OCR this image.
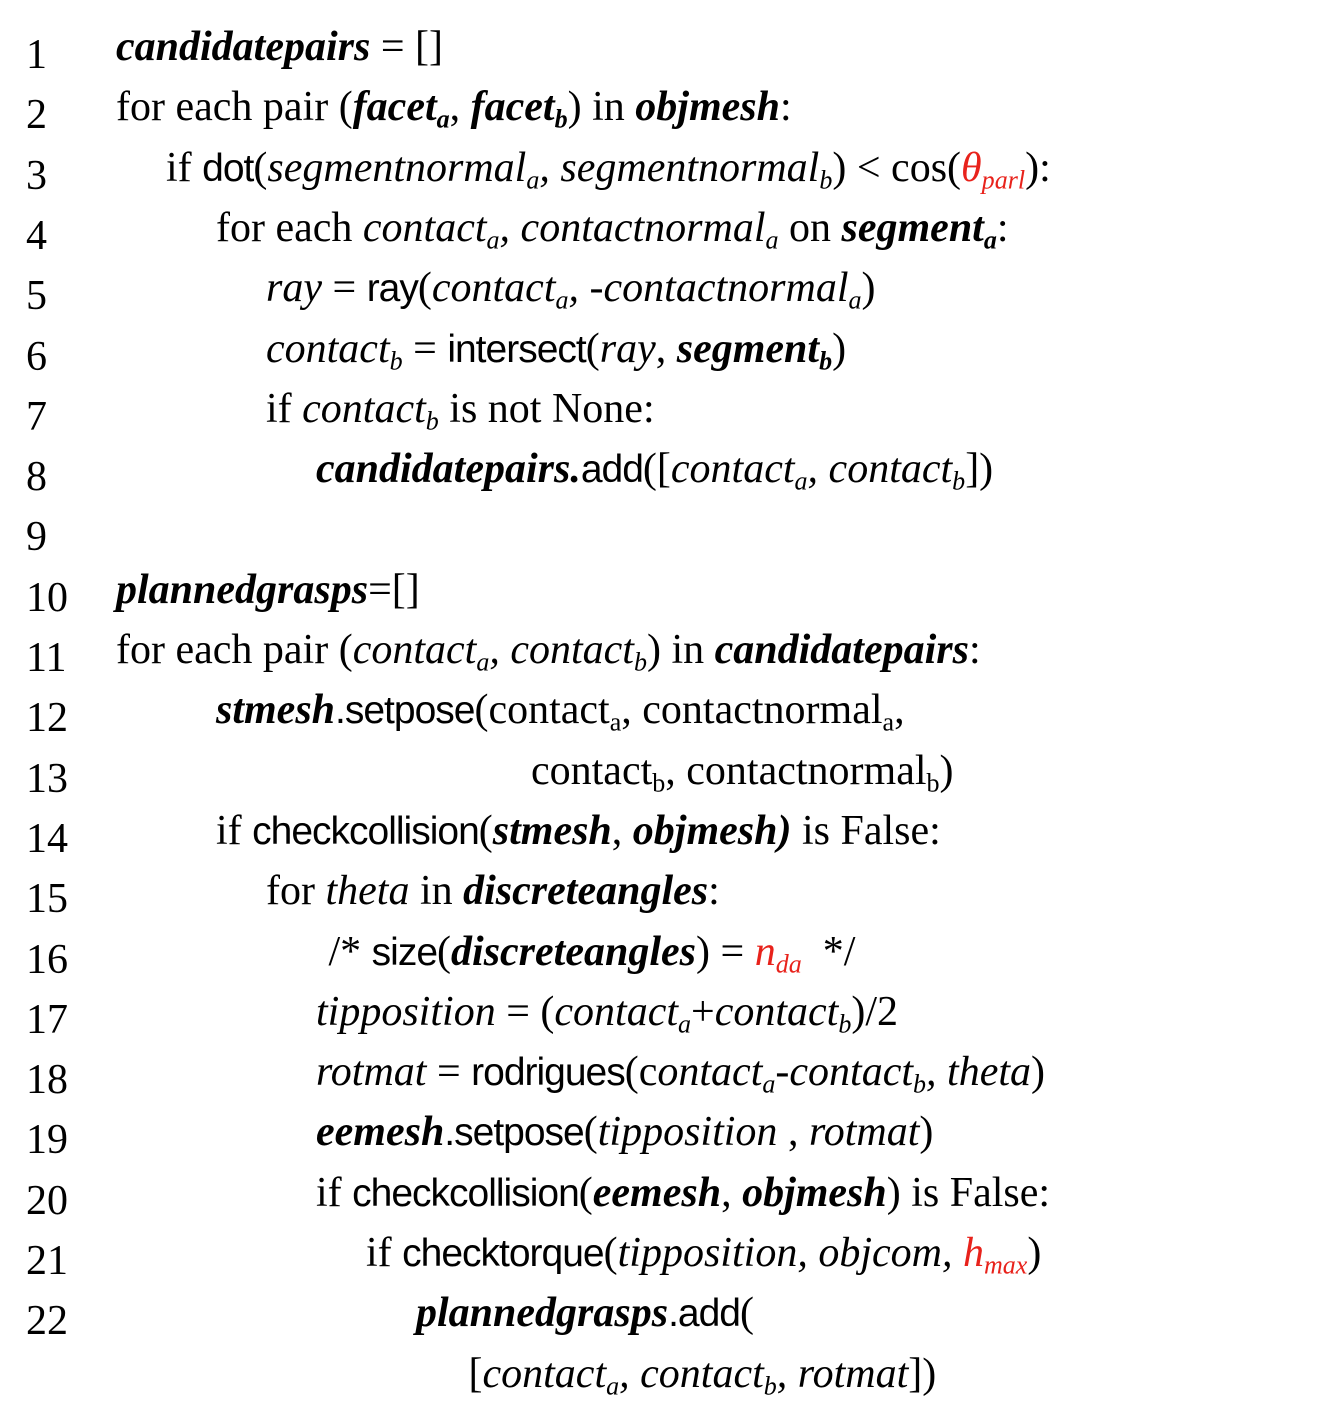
1 candidatepairs = []
2 for each pair (facet$_a$, facet$_b$) in objmesh:
3	if dot(segmentnormal$_a$, segmentnormal$_b$) < $\cos(\theta_{parl})$:
4	for each contact$_a$, contactnormal$_a$ on segment$_a$:
5	ray = ray(contact$_a$, -contactnormal$_a$)
6	contact$_b$ = intersect(ray, segment$_b$)
7	if contact$_b$ is not None:
8	candidatepairs.add([contact$_a$, contact$_b$])
9
10 plannedgrasps=[]
11 for each pair (contact$_a$, contact$_b$) in candidatepairs:
12	stmesh.setpose(contact$_a$, contactnormal$_a$,
13	contact$_b$, contactnormal$_b$)
14	if checkcollision(stmesh, objmesh) is False:
15	for theta in discreteangles:
16	/* size(discreteangles) = $n_{da}$  */
17	tipposition = (contact$_a$+contact$_b$)/2
18	rotmat = rodrigues(contact$_a$-contact$_b$, theta)
19	eemesh.setpose(tipposition , rotmat)
20	if checkcollision(eemesh, objmesh) is False:
21	if checktorque(tipposition, objcom, $h_{max}$)
22	plannedgrasps.add(
[contact$_a$, contact$_b$, rotmat])
